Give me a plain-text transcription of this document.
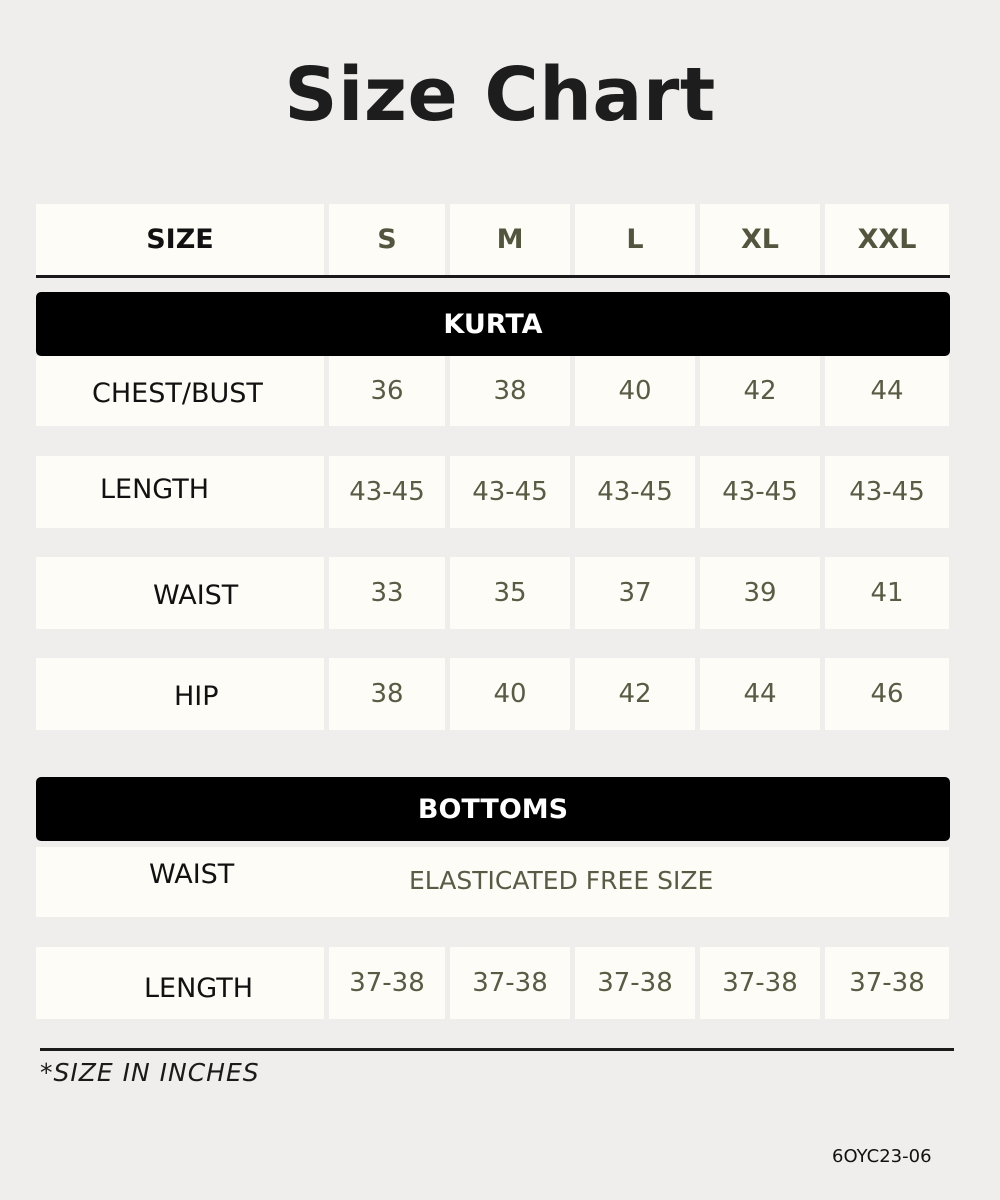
Size Chart
SIZE	S	M	L	XL	XXL
KURTA
CHEST/BUST	36	38	40	42	44
LENGTH	43-45	43-45	43-45	43-45	43-45
WAIST	33	35	37	39	41
HIP	38	40	42	44	46
BOTTOMS
WAIST	ELASTICATED FREE SIZE
LENGTH	37-38	37-38	37-38	37-38	37-38
*SIZE IN INCHES
6OYC23-06
